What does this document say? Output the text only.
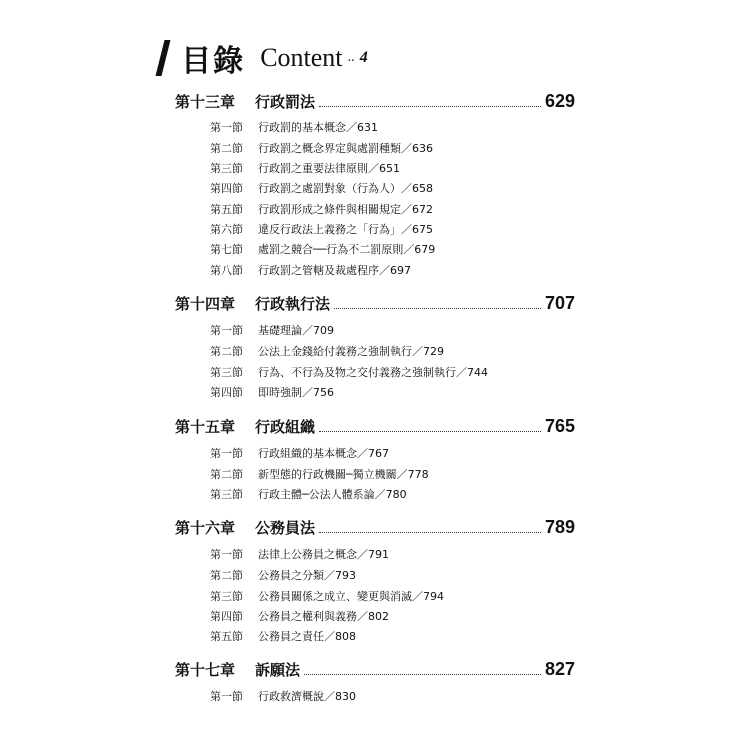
目錄 Content .. 4
第十三章	行政罰法	629
第一節 行政罰的基本概念／631
第二節 行政罰之概念界定與處罰種類／636
第三節 行政罰之重要法律原則／651
第四節 行政罰之處罰對象（行為人）／658
第五節 行政罰形成之條件與相關規定／672
第六節 違反行政法上義務之「行為」／675
第七節 處罰之競合──行為不二罰原則／679
第八節 行政罰之管轄及裁處程序／697
第十四章	行政執行法	707
第一節 基礎理論／709
第二節 公法上金錢給付義務之強制執行／729
第三節 行為、不行為及物之交付義務之強制執行／744
第四節 即時強制／756
第十五章	行政組織	765
第一節 行政組織的基本概念／767
第二節 新型態的行政機關─獨立機關／778
第三節 行政主體─公法人體系論／780
第十六章	公務員法	789
第一節 法律上公務員之概念／791
第二節 公務員之分類／793
第三節 公務員關係之成立、變更與消滅／794
第四節 公務員之權利與義務／802
第五節 公務員之責任／808
第十七章	訴願法	827
第一節 行政救濟概說／830
